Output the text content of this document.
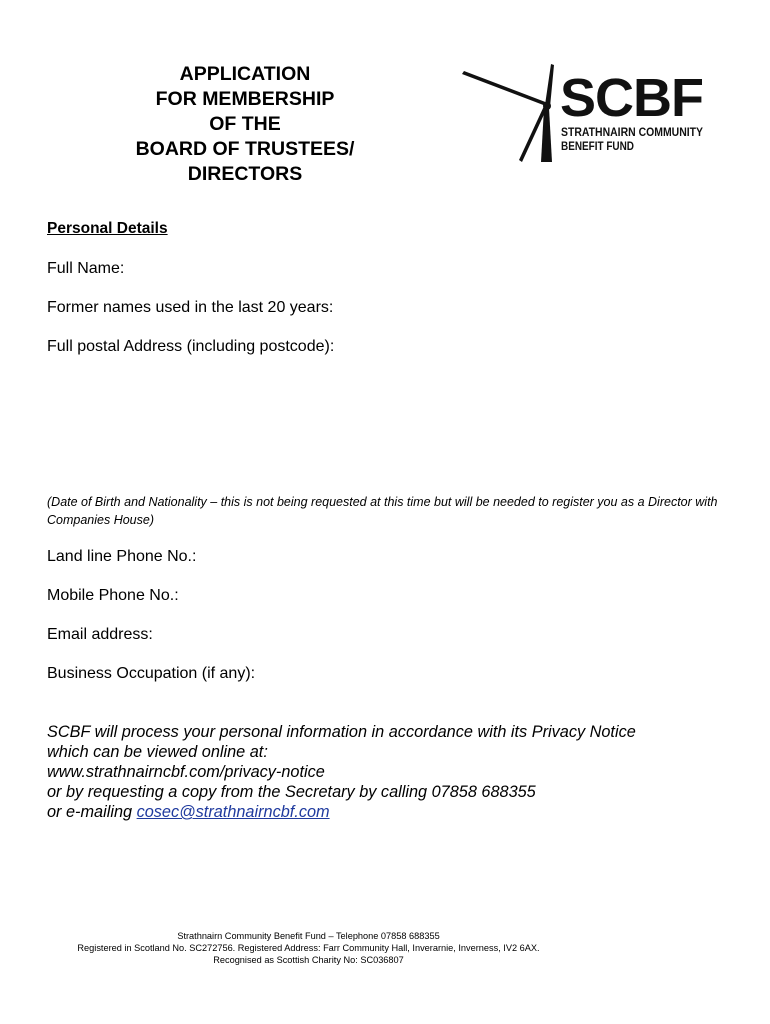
APPLICATION
FOR MEMBERSHIP
OF THE
BOARD OF TRUSTEES/
DIRECTORS
SCBF
STRATHNAIRN COMMUNITY
BENEFIT FUND
Personal Details
Full Name:
Former names used in the last 20 years:
Full postal Address (including postcode):
(Date of Birth and Nationality – this is not being requested at this time but will be needed to register you as a Director with Companies House)
Land line Phone No.:
Mobile Phone No.:
Email address:
Business Occupation (if any):
SCBF will process your personal information in accordance with its Privacy Notice
which can be viewed online at:
www.strathnairncbf.com/privacy-notice
or by requesting a copy from the Secretary by calling 07858 688355
or e-mailing cosec@strathnairncbf.com
Strathnairn Community Benefit Fund – Telephone 07858 688355
Registered in Scotland No. SC272756. Registered Address: Farr Community Hall, Inverarnie, Inverness, IV2 6AX.
Recognised as Scottish Charity No: SC036807
